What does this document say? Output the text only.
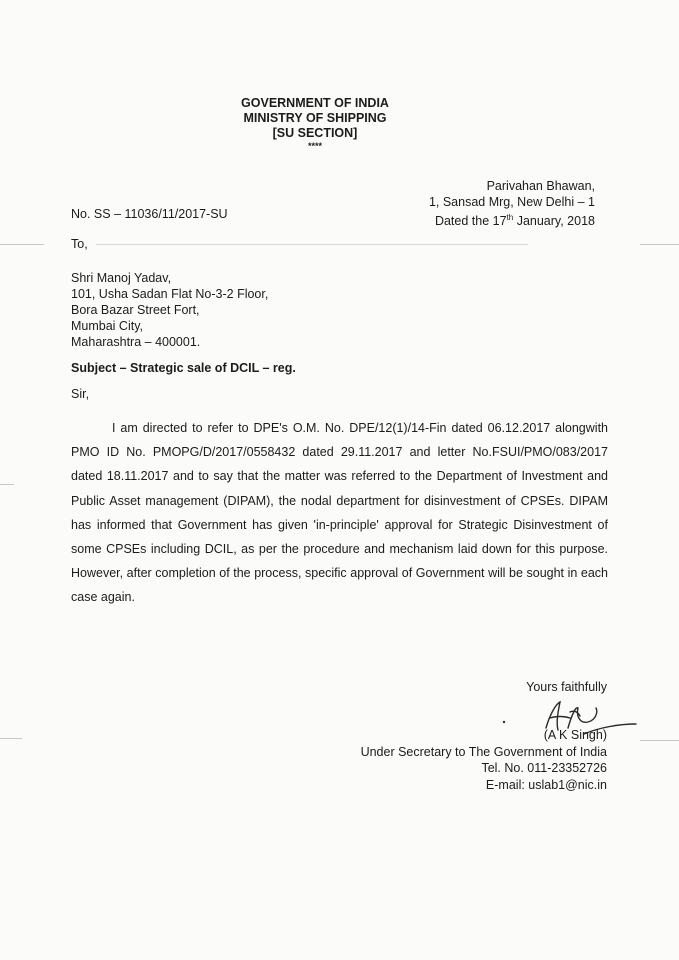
GOVERNMENT OF INDIA
MINISTRY OF SHIPPING
[SU SECTION]
****
Parivahan Bhawan,
1, Sansad Mrg, New Delhi – 1
Dated the 17th January, 2018
No. SS – 11036/11/2017-SU
To,
Shri Manoj Yadav,
101, Usha Sadan Flat No-3-2 Floor,
Bora Bazar Street Fort,
Mumbai City,
Maharashtra – 400001.
Subject – Strategic sale of DCIL – reg.
Sir,
I am directed to refer to DPE's O.M. No. DPE/12(1)/14-Fin dated 06.12.2017 alongwith PMO ID No. PMOPG/D/2017/0558432 dated 29.11.2017 and letter No.FSUI/PMO/083/2017 dated 18.11.2017 and to say that the matter was referred to the Department of Investment and Public Asset management (DIPAM), the nodal department for disinvestment of CPSEs. DIPAM has informed that Government has given 'in-principle' approval for Strategic Disinvestment of some CPSEs including DCIL, as per the procedure and mechanism laid down for this purpose. However, after completion of the process, specific approval of Government will be sought in each case again.
Yours faithfully
(A K Singh)
Under Secretary to The Government of India
Tel. No. 011-23352726
E-mail: uslab1@nic.in
